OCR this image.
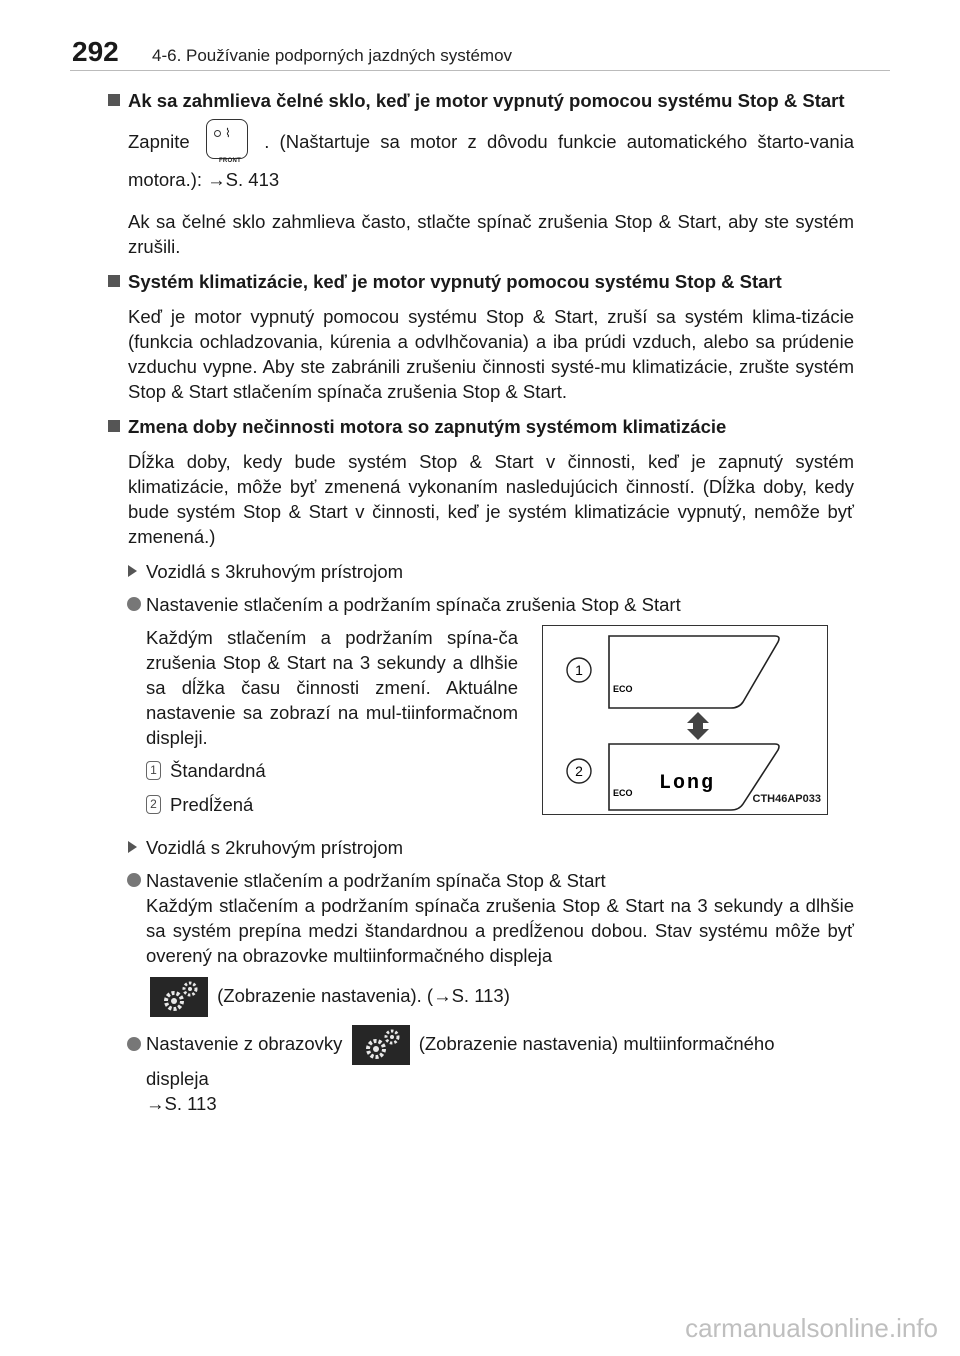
292 4-6. Používanie podporných jazdných systémov
Ak sa zahmlieva čelné sklo, keď je motor vypnutý pomocou systému Stop & Start
Zapnite	⌇
FRONT
. (Naštartuje sa motor z dôvodu funkcie automatického štarto-vania motora.): →S. 413
Ak sa čelné sklo zahmlieva často, stlačte spínač zrušenia Stop & Start, aby ste systém zrušili.
Systém klimatizácie, keď je motor vypnutý pomocou systému Stop & Start
Keď je motor vypnutý pomocou systému Stop & Start, zruší sa systém klima-tizácie (funkcia ochladzovania, kúrenia a odvlhčovania) a iba prúdi vzduch, alebo sa prúdenie vzduchu vypne. Aby ste zabránili zrušeniu činnosti systé-mu klimatizácie, zrušte systém Stop & Start stlačením spínača zrušenia Stop & Start.
Zmena doby nečinnosti motora so zapnutým systémom klimatizácie
Dĺžka doby, kedy bude systém Stop & Start v činnosti, keď je zapnutý systém klimatizácie, môže byť zmenená vykonaním nasledujúcich činností. (Dĺžka doby, kedy bude systém Stop & Start v činnosti, keď je systém klimatizácie vypnutý, nemôže byť zmenená.)
Vozidlá s 3kruhovým prístrojom
Nastavenie stlačením a podržaním spínača zrušenia Stop & Start
Každým stlačením a podržaním spína-ča zrušenia Stop & Start na 3 sekundy a dlhšie sa dĺžka času činnosti zmení. Aktuálne nastavenie sa zobrazí na mul-tiinformačnom displeji.
1 Štandardná
2 Predĺžená
1
ECO
2
ECO Long
CTH46AP033
Vozidlá s 2kruhovým prístrojom
Nastavenie stlačením a podržaním spínača Stop & Start
Každým stlačením a podržaním spínača zrušenia Stop & Start na 3 sekundy a dlhšie sa systém prepína medzi štandardnou a predĺženou dobou. Stav systému môže byť overený na obrazovke multiinformačného displeja
(Zobrazenie nastavenia). (→S. 113)
Nastavenie z obrazovky	(Zobrazenie nastavenia) multiinformačného
displeja
→S. 113
carmanualsonline.info
